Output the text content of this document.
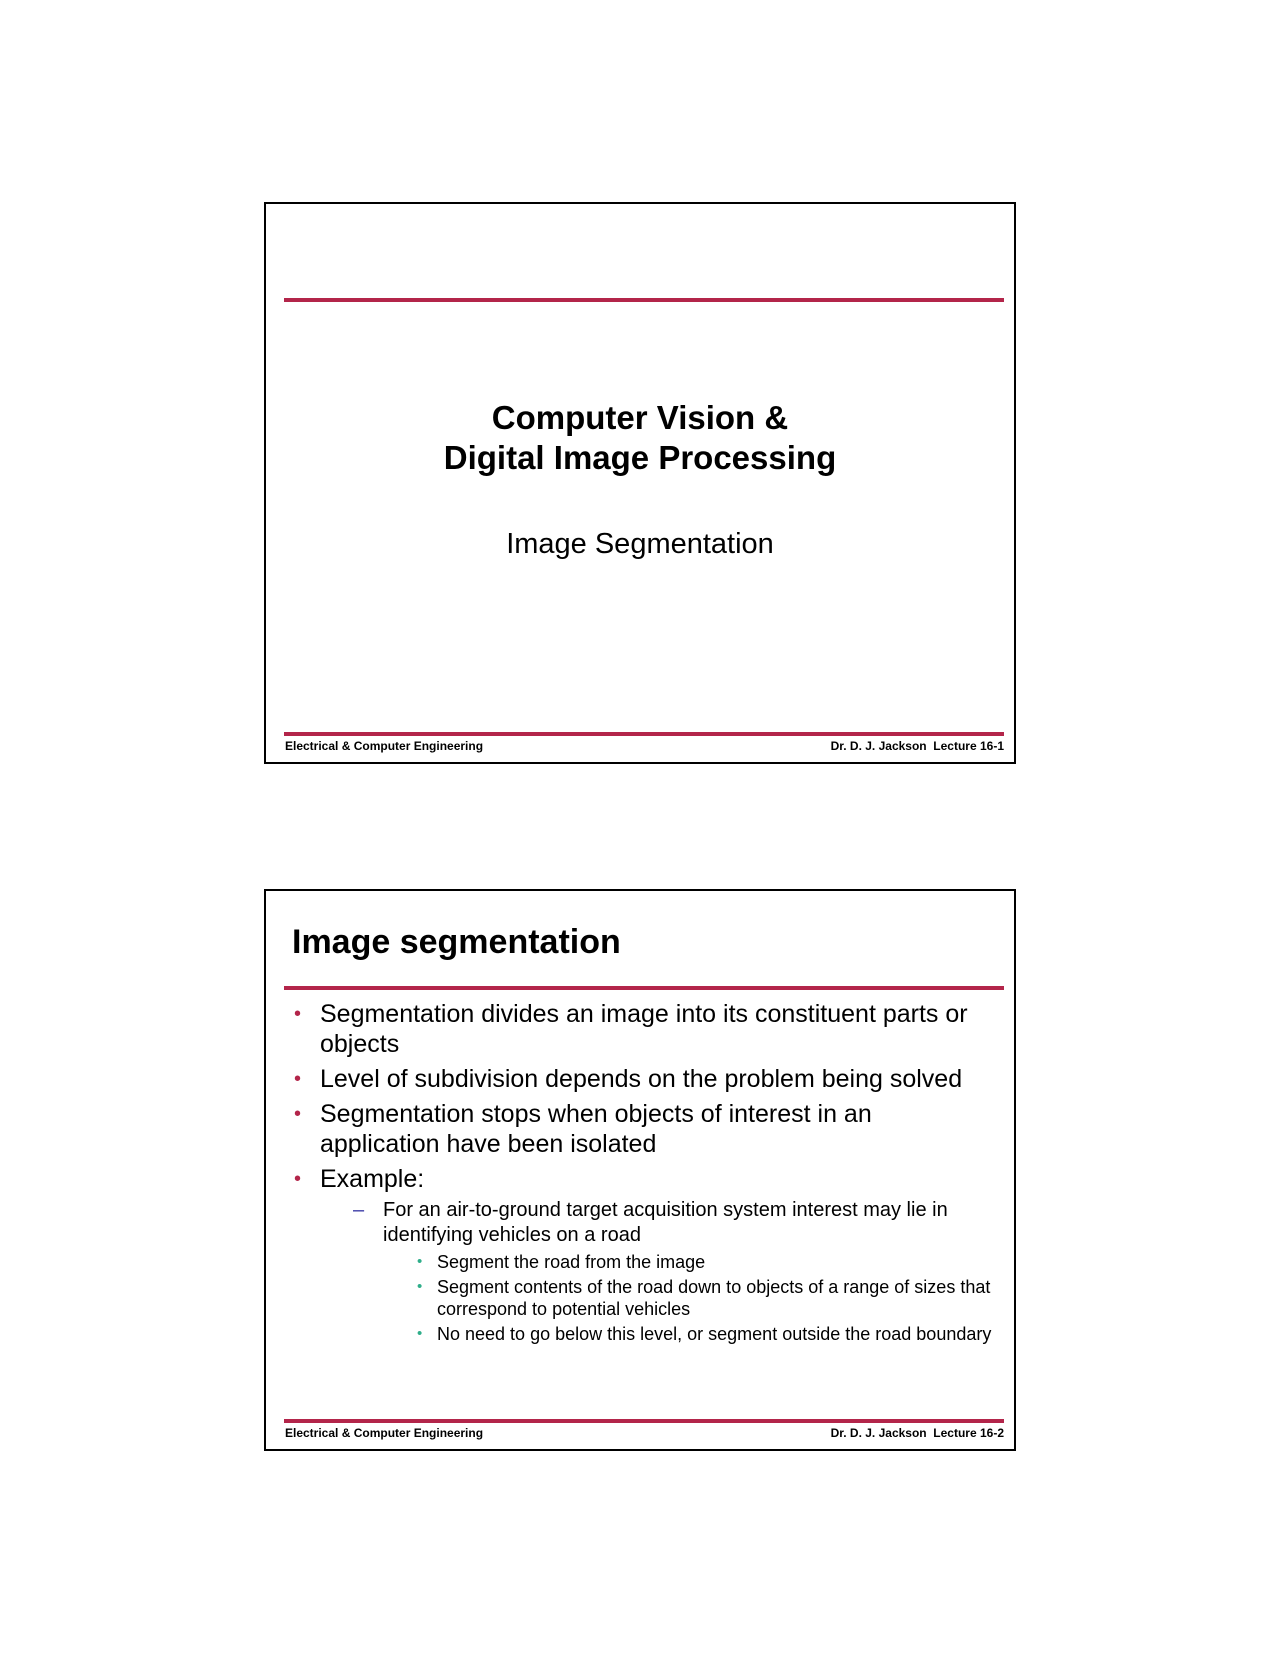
Computer Vision &
Digital Image Processing
Image Segmentation
Electrical & Computer Engineering	Dr. D. J. Jackson  Lecture 16-1
Image segmentation
• Segmentation divides an image into its constituent parts or objects
• Level of subdivision depends on the problem being solved
• Segmentation stops when objects of interest in an application have been isolated
• Example:
– For an air-to-ground target acquisition system interest may lie in identifying vehicles on a road
• Segment the road from the image
• Segment contents of the road down to objects of a range of sizes that correspond to potential vehicles
• No need to go below this level, or segment outside the road boundary
Electrical & Computer Engineering	Dr. D. J. Jackson  Lecture 16-2
